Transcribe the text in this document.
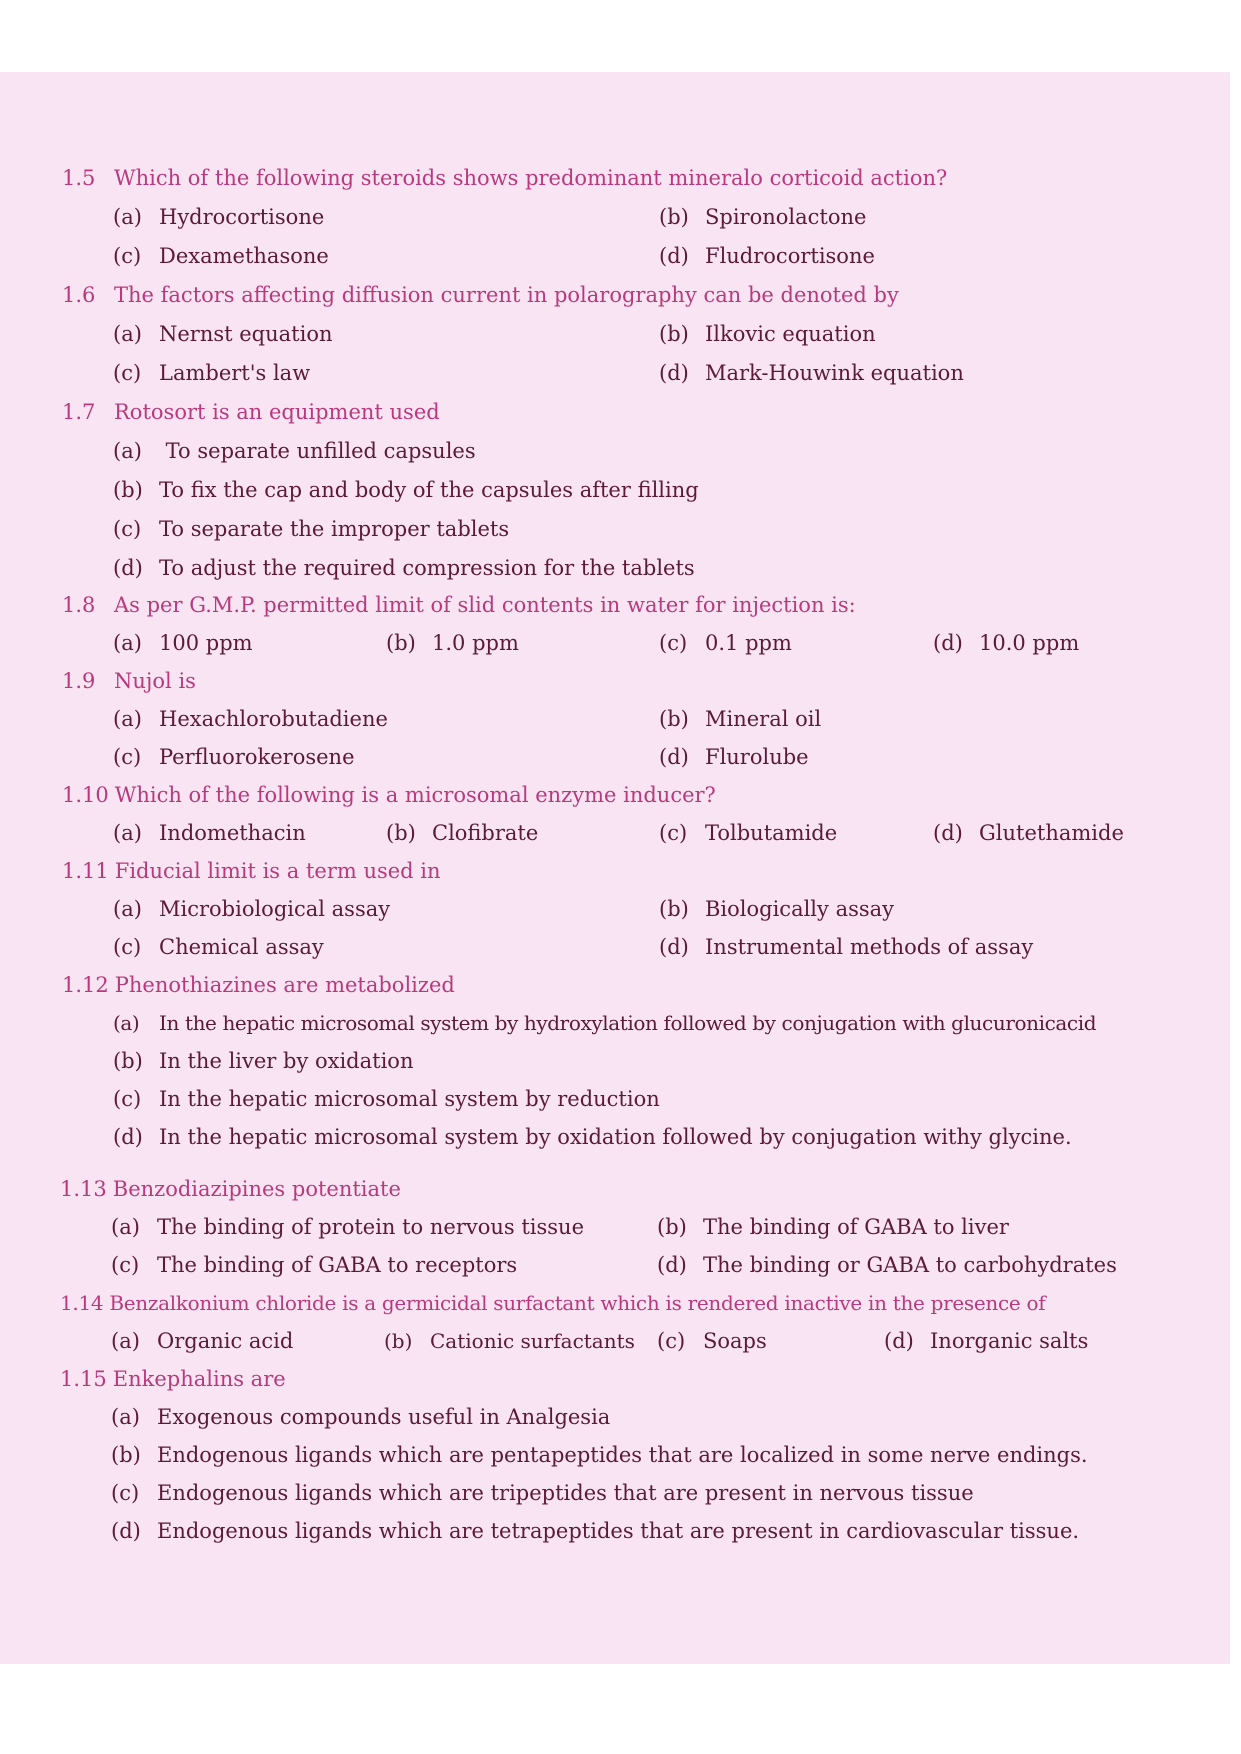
1.5 Which of the following steroids shows predominant mineralo corticoid action?
(a) Hydrocortisone	(b) Spironolactone
(c) Dexamethasone	(d) Fludrocortisone
1.6 The factors affecting diffusion current in polarography can be denoted by
(a) Nernst equation	(b) Ilkovic equation
(c) Lambert's law	(d) Mark-Houwink equation
1.7 Rotosort is an equipment used
(a) To separate unfilled capsules
(b) To fix the cap and body of the capsules after filling
(c) To separate the improper tablets
(d) To adjust the required compression for the tablets
1.8 As per G.M.P. permitted limit of slid contents in water for injection is:
(a) 100 ppm	(b) 1.0 ppm	(c) 0.1 ppm	(d) 10.0 ppm
1.9 Nujol is
(a) Hexachlorobutadiene	(b) Mineral oil
(c) Perfluorokerosene	(d) Flurolube
1.10 Which of the following is a microsomal enzyme inducer?
(a) Indomethacin	(b) Clofibrate	(c) Tolbutamide	(d) Glutethamide
1.11 Fiducial limit is a term used in
(a) Microbiological assay	(b) Biologically assay
(c) Chemical assay	(d) Instrumental methods of assay
1.12 Phenothiazines are metabolized
(a) In the hepatic microsomal system by hydroxylation followed by conjugation with glucuronicacid
(b) In the liver by oxidation
(c) In the hepatic microsomal system by reduction
(d) In the hepatic microsomal system by oxidation followed by conjugation withy glycine.
1.13 Benzodiazipines potentiate
(a) The binding of protein to nervous tissue	(b) The binding of GABA to liver
(c) The binding of GABA to receptors	(d) The binding or GABA to carbohydrates
1.14 Benzalkonium chloride is a germicidal surfactant which is rendered inactive in the presence of
(a) Organic acid	(b) Cationic surfactants (c) Soaps	(d) Inorganic salts
1.15 Enkephalins are
(a) Exogenous compounds useful in Analgesia
(b) Endogenous ligands which are pentapeptides that are localized in some nerve endings.
(c) Endogenous ligands which are tripeptides that are present in nervous tissue
(d) Endogenous ligands which are tetrapeptides that are present in cardiovascular tissue.
